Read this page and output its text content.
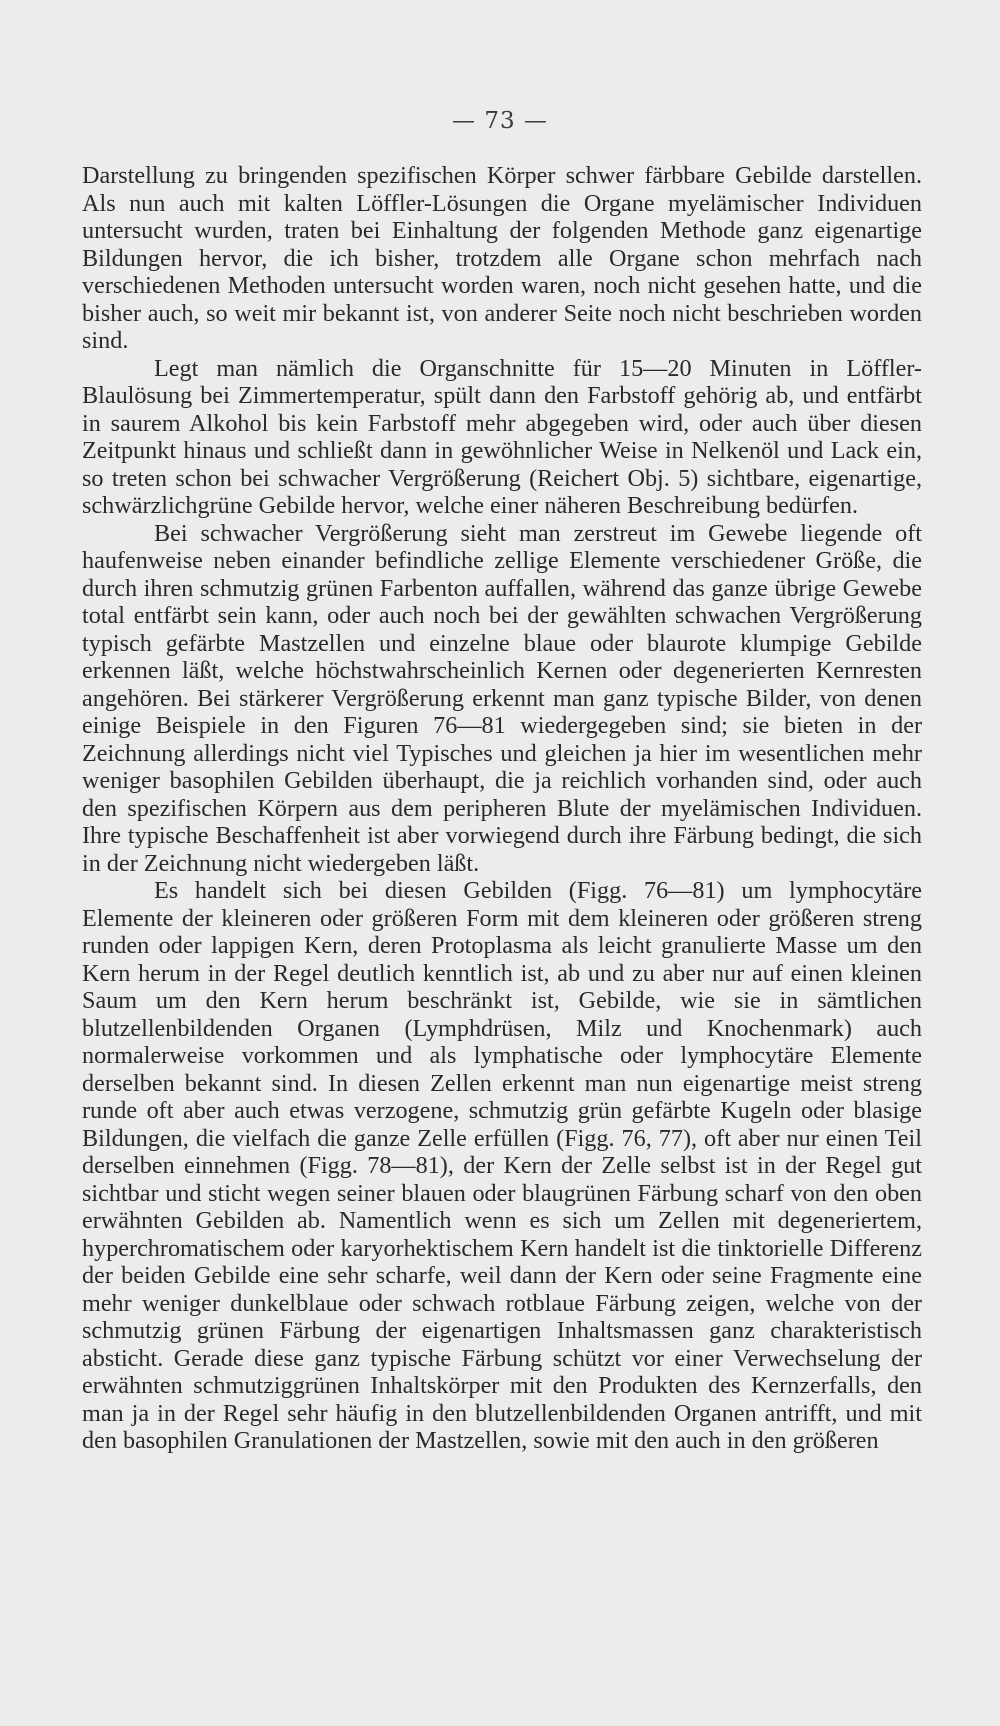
— 73 —

Darstellung zu bringenden spezifischen Körper schwer färbbare Gebilde darstellen. Als nun auch mit kalten Löffler-Lösungen die Organe myelämischer Individuen untersucht wurden, traten bei Einhaltung der folgenden Methode ganz eigenartige Bildungen hervor, die ich bisher, trotzdem alle Organe schon mehrfach nach verschiedenen Methoden untersucht worden waren, noch nicht gesehen hatte, und die bisher auch, so weit mir bekannt ist, von anderer Seite noch nicht beschrieben worden sind.

Legt man nämlich die Organschnitte für 15—20 Minuten in Löffler-Blaulösung bei Zimmertemperatur, spült dann den Farbstoff gehörig ab, und entfärbt in saurem Alkohol bis kein Farbstoff mehr abgegeben wird, oder auch über diesen Zeitpunkt hinaus und schließt dann in gewöhnlicher Weise in Nelkenöl und Lack ein, so treten schon bei schwacher Vergrößerung (Reichert Obj. 5) sichtbare, eigenartige, schwärzlichgrüne Gebilde hervor, welche einer näheren Beschreibung bedürfen.

Bei schwacher Vergrößerung sieht man zerstreut im Gewebe liegende oft haufenweise neben einander befindliche zellige Elemente verschiedener Größe, die durch ihren schmutzig grünen Farbenton auffallen, während das ganze übrige Gewebe total entfärbt sein kann, oder auch noch bei der gewählten schwachen Vergrößerung typisch gefärbte Mastzellen und einzelne blaue oder blaurote klumpige Gebilde erkennen läßt, welche höchstwahrscheinlich Kernen oder degenerierten Kernresten angehören. Bei stärkerer Vergrößerung erkennt man ganz typische Bilder, von denen einige Beispiele in den Figuren 76—81 wiedergegeben sind; sie bieten in der Zeichnung allerdings nicht viel Typisches und gleichen ja hier im wesentlichen mehr weniger basophilen Gebilden überhaupt, die ja reichlich vorhanden sind, oder auch den spezifischen Körpern aus dem peripheren Blute der myelämischen Individuen. Ihre typische Beschaffenheit ist aber vorwiegend durch ihre Färbung bedingt, die sich in der Zeichnung nicht wiedergeben läßt.

Es handelt sich bei diesen Gebilden (Figg. 76—81) um lymphocytäre Elemente der kleineren oder größeren Form mit dem kleineren oder größeren streng runden oder lappigen Kern, deren Protoplasma als leicht granulierte Masse um den Kern herum in der Regel deutlich kenntlich ist, ab und zu aber nur auf einen kleinen Saum um den Kern herum beschränkt ist, Gebilde, wie sie in sämtlichen blutzellenbildenden Organen (Lymphdrüsen, Milz und Knochenmark) auch normalerweise vorkommen und als lymphatische oder lymphocytäre Elemente derselben bekannt sind. In diesen Zellen erkennt man nun eigenartige meist streng runde oft aber auch etwas verzogene, schmutzig grün gefärbte Kugeln oder blasige Bildungen, die vielfach die ganze Zelle erfüllen (Figg. 76, 77), oft aber nur einen Teil derselben einnehmen (Figg. 78—81), der Kern der Zelle selbst ist in der Regel gut sichtbar und sticht wegen seiner blauen oder blaugrünen Färbung scharf von den oben erwähnten Gebilden ab. Namentlich wenn es sich um Zellen mit degeneriertem, hyperchromatischem oder karyorhektischem Kern handelt ist die tinktorielle Differenz der beiden Gebilde eine sehr scharfe, weil dann der Kern oder seine Fragmente eine mehr weniger dunkelblaue oder schwach rotblaue Färbung zeigen, welche von der schmutzig grünen Färbung der eigenartigen Inhaltsmassen ganz charakteristisch absticht. Gerade diese ganz typische Färbung schützt vor einer Verwechselung der erwähnten schmutziggrünen Inhaltskörper mit den Produkten des Kernzerfalls, den man ja in der Regel sehr häufig in den blutzellenbildenden Organen antrifft, und mit den basophilen Granulationen der Mastzellen, sowie mit den auch in den größeren
